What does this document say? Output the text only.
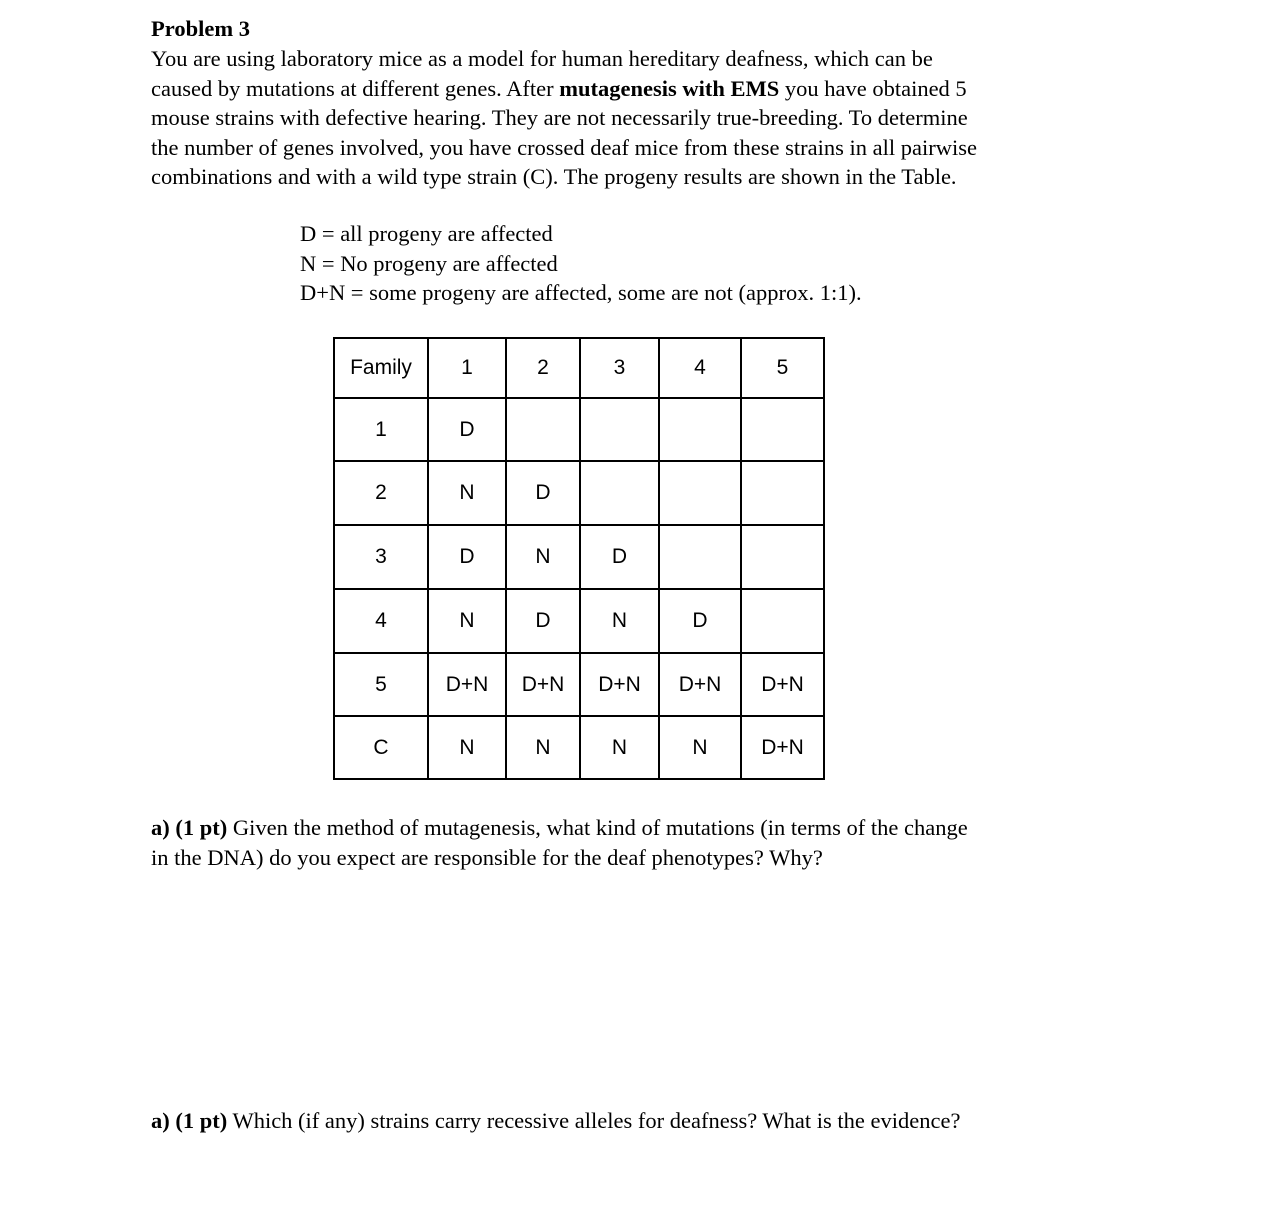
Problem 3
You are using laboratory mice as a model for human hereditary deafness, which can be
caused by mutations at different genes. After mutagenesis with EMS you have obtained 5
mouse strains with defective hearing. They are not necessarily true-breeding. To determine
the number of genes involved, you have crossed deaf mice from these strains in all pairwise
combinations and with a wild type strain (C). The progeny results are shown in the Table.
D = all progeny are affected
N = No progeny are affected
D+N = some progeny are affected, some are not (approx. 1:1).
Family	1	2	3	4	5
1	D				
2	N	D			
3	D	N	D		
4	N	D	N	D	
5	D+N	D+N	D+N	D+N	D+N
C	N	N	N	N	D+N
a) (1 pt) Given the method of mutagenesis, what kind of mutations (in terms of the change
in the DNA) do you expect are responsible for the deaf phenotypes? Why?
a) (1 pt) Which (if any) strains carry recessive alleles for deafness? What is the evidence?
